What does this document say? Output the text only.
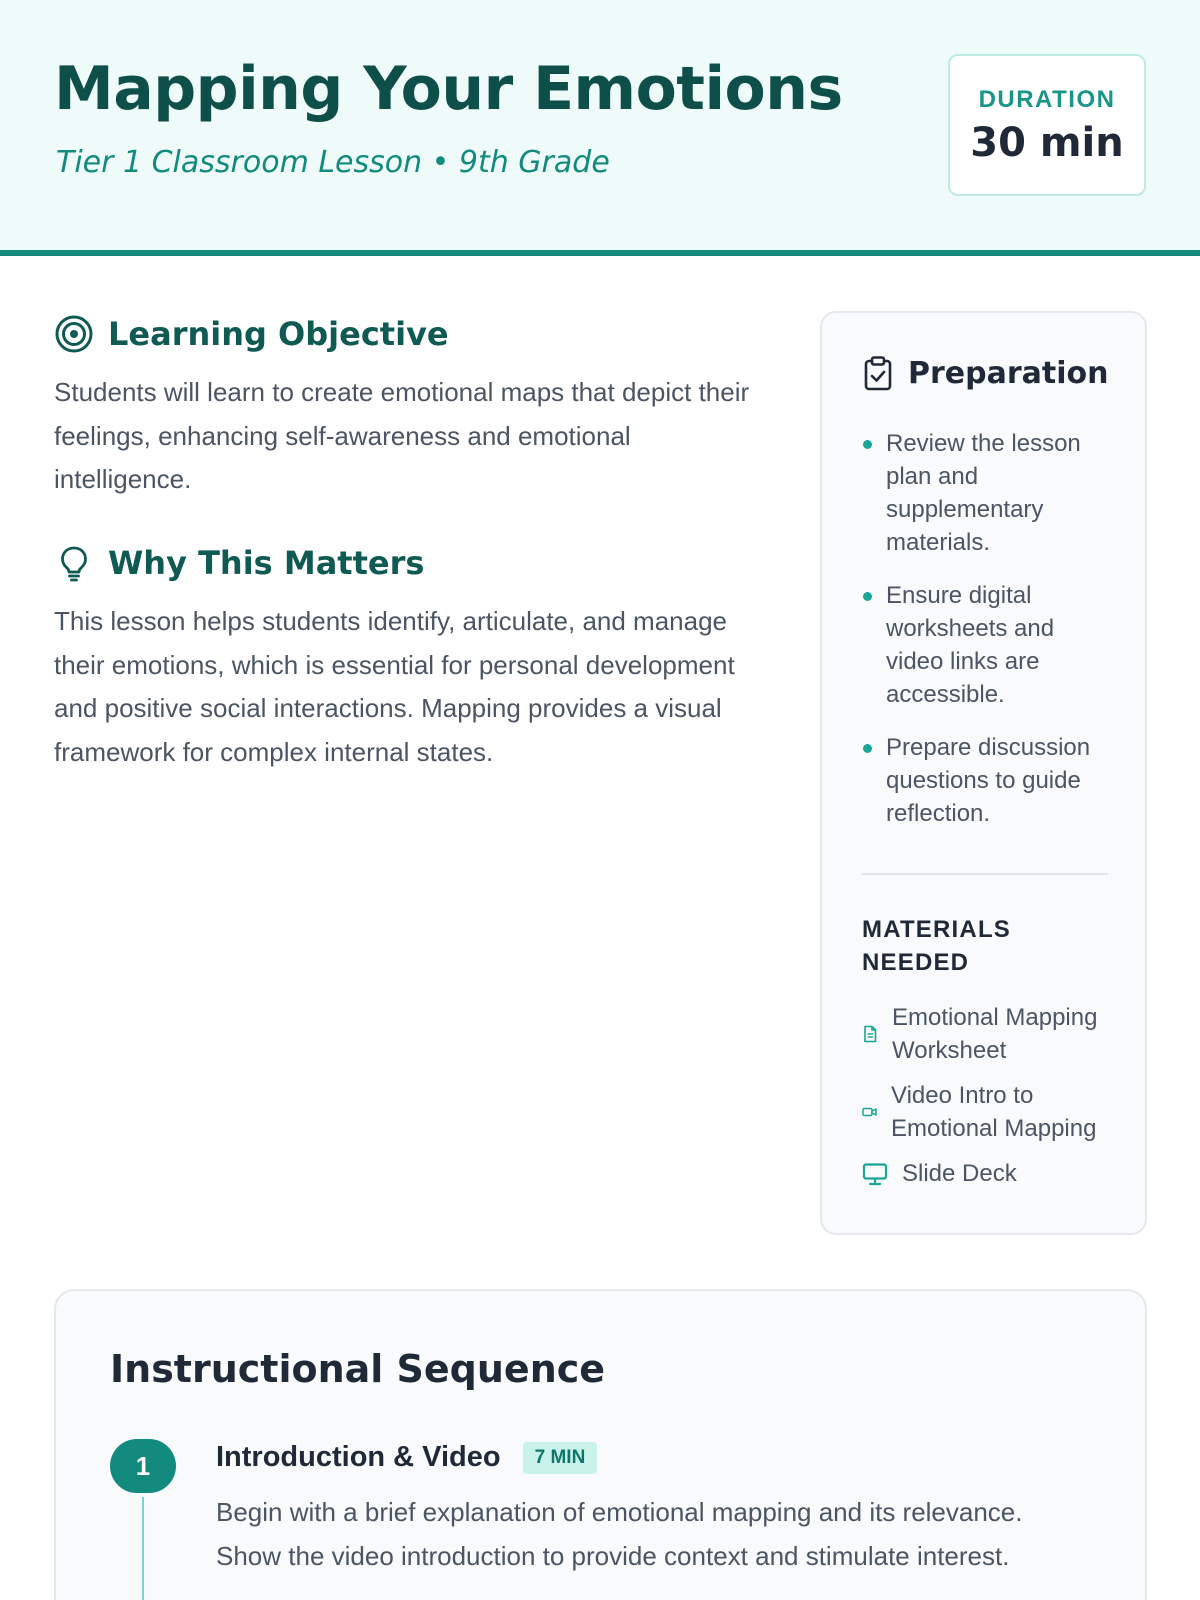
Mapping Your Emotions
Tier 1 Classroom Lesson • 9th Grade
DURATION
30 min
Learning Objective

Students will learn to create emotional maps that depict their feelings, enhancing self-awareness and emotional intelligence.

Why This Matters

This lesson helps students identify, articulate, and manage their emotions, which is essential for personal development and positive social interactions. Mapping provides a visual framework for complex internal states.

Preparation
Review the lesson plan and supplementary materials.
Ensure digital worksheets and video links are accessible.
Prepare discussion questions to guide reflection.
MATERIALS NEEDED
Emotional Mapping Worksheet
Video Intro to Emotional Mapping
Slide Deck
Instructional Sequence
1	Introduction & Video	7 MIN

Begin with a brief explanation of emotional mapping and its relevance. Show the video introduction to provide context and stimulate interest.
